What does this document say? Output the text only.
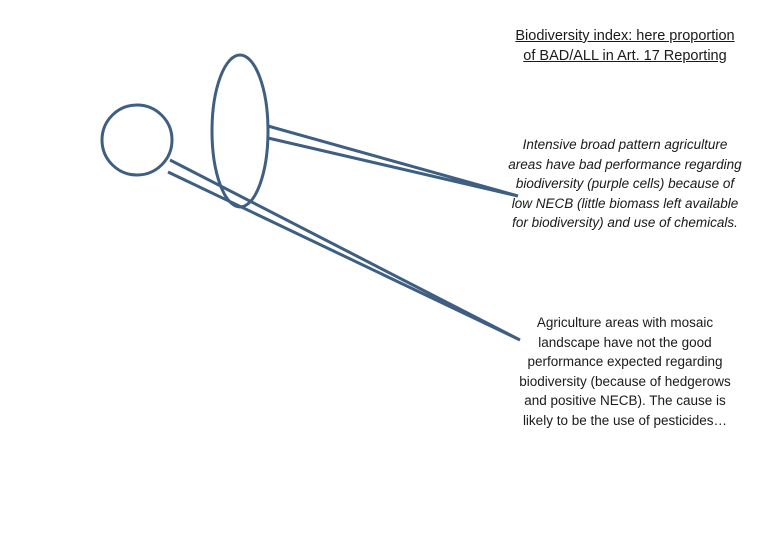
Biodiversity index: here proportion of BAD/ALL in Art. 17 Reporting
Intensive broad pattern agriculture areas have bad performance regarding biodiversity (purple cells) because of low NECB (little biomass left available for biodiversity) and use of chemicals.
Agriculture areas with mosaic landscape have not the good performance expected regarding biodiversity (because of hedgerows and positive NECB). The cause is likely to be the use of pesticides…
